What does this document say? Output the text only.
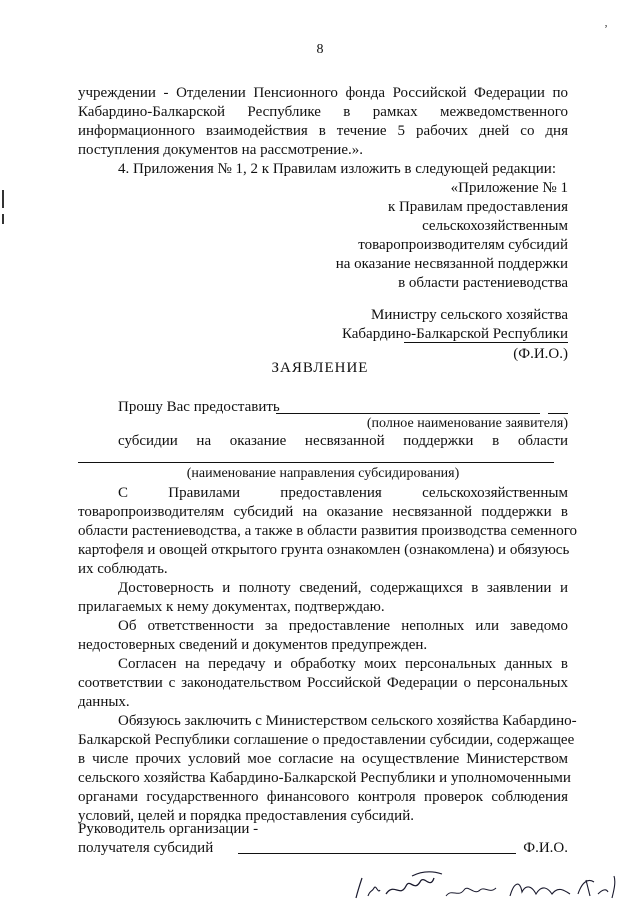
8
ʼ
учреждении - Отделении Пенсионного фонда Российской Федерации по
Кабардино-Балкарской Республике в рамках межведомственного
информационного взаимодействия в течение 5 рабочих дней со дня
поступления документов на рассмотрение.».
4. Приложения № 1, 2 к Правилам изложить в следующей редакции:
«Приложение № 1
к Правилам предоставления
сельскохозяйственным
товаропроизводителям субсидий
на оказание несвязанной поддержки
в области растениеводства
Министру сельского хозяйства
Кабардино-Балкарской Республики
(Ф.И.О.)
ЗАЯВЛЕНИЕ
Прошу Вас предоставить
(полное наименование заявителя)
субсидии на оказание несвязанной поддержки в области
(наименование направления субсидирования)
С Правилами предоставления сельскохозяйственным
товаропроизводителям субсидий на оказание несвязанной поддержки в
области растениеводства, а также в области развития производства семенного
картофеля и овощей открытого грунта ознакомлен (ознакомлена) и обязуюсь
их соблюдать.
Достоверность и полноту сведений, содержащихся в заявлении и
прилагаемых к нему документах, подтверждаю.
Об ответственности за предоставление неполных или заведомо
недостоверных сведений и документов предупрежден.
Согласен на передачу и обработку моих персональных данных в
соответствии с законодательством Российской Федерации о персональных
данных.
Обязуюсь заключить с Министерством сельского хозяйства Кабардино-
Балкарской Республики соглашение о предоставлении субсидии, содержащее
в числе прочих условий мое согласие на осуществление Министерством
сельского хозяйства Кабардино-Балкарской Республики и уполномоченными
органами государственного финансового контроля проверок соблюдения
условий, целей и порядка предоставления субсидий.
Руководитель организации -
получателя субсидий	Ф.И.О.
